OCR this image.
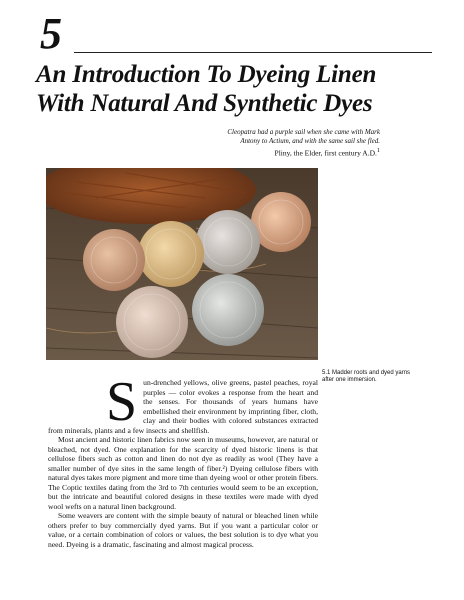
5
An Introduction To Dyeing Linen
With Natural And Synthetic Dyes
Cleopatra had a purple sail when she came with Mark
Antony to Actium, and with the same sail she fled.
Pliny, the Elder, first century A.D.$^1$
5.1 Madder roots and dyed yarns
after one immersion.

Sun-drenched yellows, olive greens, pastel peaches, royal purples — color evokes a response from the heart and the senses. For thousands of years humans have embellished their environment by imprinting fiber, cloth, clay and their bodies with colored substances extracted from minerals, plants and a few insects and shellfish.

Most ancient and historic linen fabrics now seen in museums, however, are natural or bleached, not dyed. One explanation for the scarcity of dyed historic linens is that cellulose fibers such as cotton and linen do not dye as readily as wool (They have a smaller number of dye sites in the same length of fiber.²) Dyeing cellulose fibers with natural dyes takes more pigment and more time than dyeing wool or other protein fibers. The Coptic textiles dating from the 3rd to 7th centuries would seem to be an exception, but the intricate and beautiful colored designs in these textiles were made with dyed wool wefts on a natural linen background.

Some weavers are content with the simple beauty of natural or bleached linen while others prefer to buy commercially dyed yarns. But if you want a particular color or value, or a certain combination of colors or values, the best solution is to dye what you need. Dyeing is a dramatic, fascinating and almost magical process.
